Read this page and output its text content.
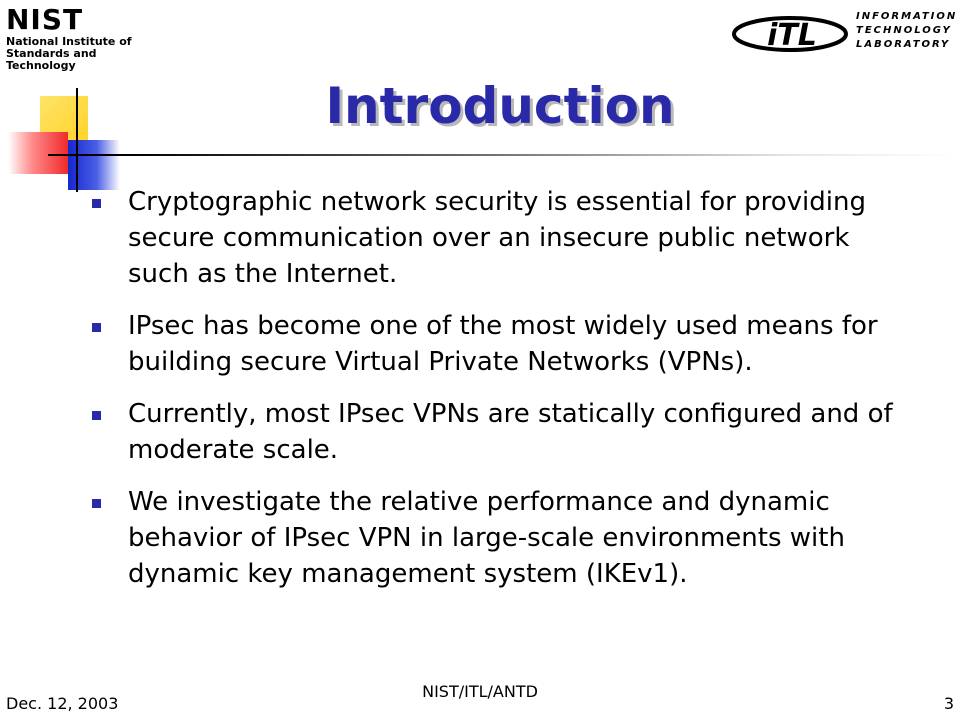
NIST
National Institute of
Standards and Technology
iTL
INFORMATION
TECHNOLOGY
LABORATORY
Introduction
Cryptographic network security is essential for providing secure communication over an insecure public network such as the Internet.
IPsec has become one of the most widely used means for building secure Virtual Private Networks (VPNs).
Currently, most IPsec VPNs are statically configured and of moderate scale.
We investigate the relative performance and dynamic behavior of IPsec VPN in large-scale environments with dynamic key management system (IKEv1).
Dec. 12, 2003
NIST/ITL/ANTD
3
